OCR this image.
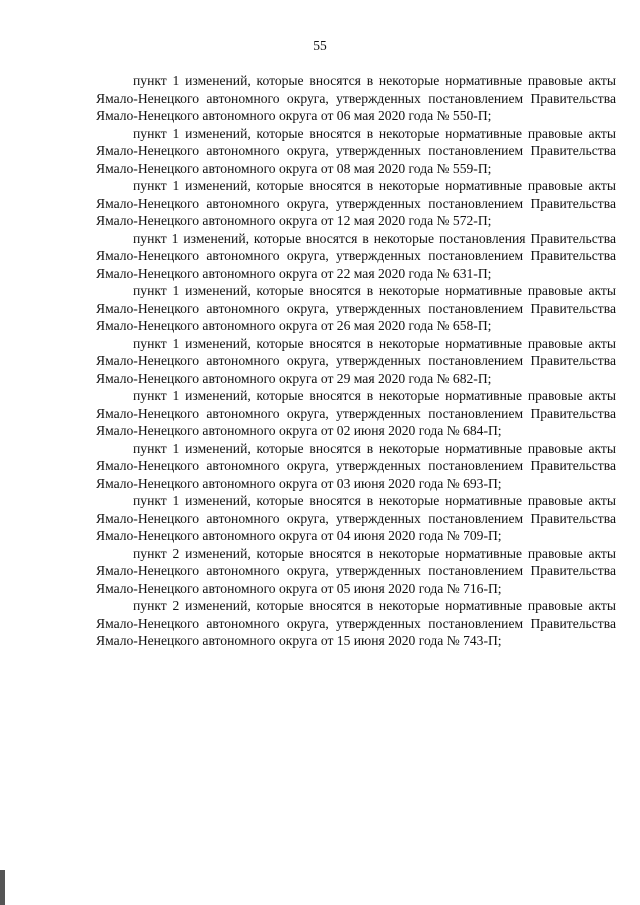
55

пункт 1 изменений, которые вносятся в некоторые нормативные правовые акты Ямало-Ненецкого автономного округа, утвержденных постановлением Правительства Ямало-Ненецкого автономного округа от 06 мая 2020 года № 550-П;

пункт 1 изменений, которые вносятся в некоторые нормативные правовые акты Ямало-Ненецкого автономного округа, утвержденных постановлением Правительства Ямало-Ненецкого автономного округа от 08 мая 2020 года № 559-П;

пункт 1 изменений, которые вносятся в некоторые нормативные правовые акты Ямало-Ненецкого автономного округа, утвержденных постановлением Правительства Ямало-Ненецкого автономного округа от 12 мая 2020 года № 572-П;

пункт 1 изменений, которые вносятся в некоторые постановления Правительства Ямало-Ненецкого автономного округа, утвержденных постановлением Правительства Ямало-Ненецкого автономного округа от 22 мая 2020 года № 631-П;

пункт 1 изменений, которые вносятся в некоторые нормативные правовые акты Ямало-Ненецкого автономного округа, утвержденных постановлением Правительства Ямало-Ненецкого автономного округа от 26 мая 2020 года № 658-П;

пункт 1 изменений, которые вносятся в некоторые нормативные правовые акты Ямало-Ненецкого автономного округа, утвержденных постановлением Правительства Ямало-Ненецкого автономного округа от 29 мая 2020 года № 682-П;

пункт 1 изменений, которые вносятся в некоторые нормативные правовые акты Ямало-Ненецкого автономного округа, утвержденных постановлением Правительства Ямало-Ненецкого автономного округа от 02 июня 2020 года № 684-П;

пункт 1 изменений, которые вносятся в некоторые нормативные правовые акты Ямало-Ненецкого автономного округа, утвержденных постановлением Правительства Ямало-Ненецкого автономного округа от 03 июня 2020 года № 693-П;

пункт 1 изменений, которые вносятся в некоторые нормативные правовые акты Ямало-Ненецкого автономного округа, утвержденных постановлением Правительства Ямало-Ненецкого автономного округа от 04 июня 2020 года № 709-П;

пункт 2 изменений, которые вносятся в некоторые нормативные правовые акты Ямало-Ненецкого автономного округа, утвержденных постановлением Правительства Ямало-Ненецкого автономного округа от 05 июня 2020 года № 716-П;

пункт 2 изменений, которые вносятся в некоторые нормативные правовые акты Ямало-Ненецкого автономного округа, утвержденных постановлением Правительства Ямало-Ненецкого автономного округа от 15 июня 2020 года № 743-П;
